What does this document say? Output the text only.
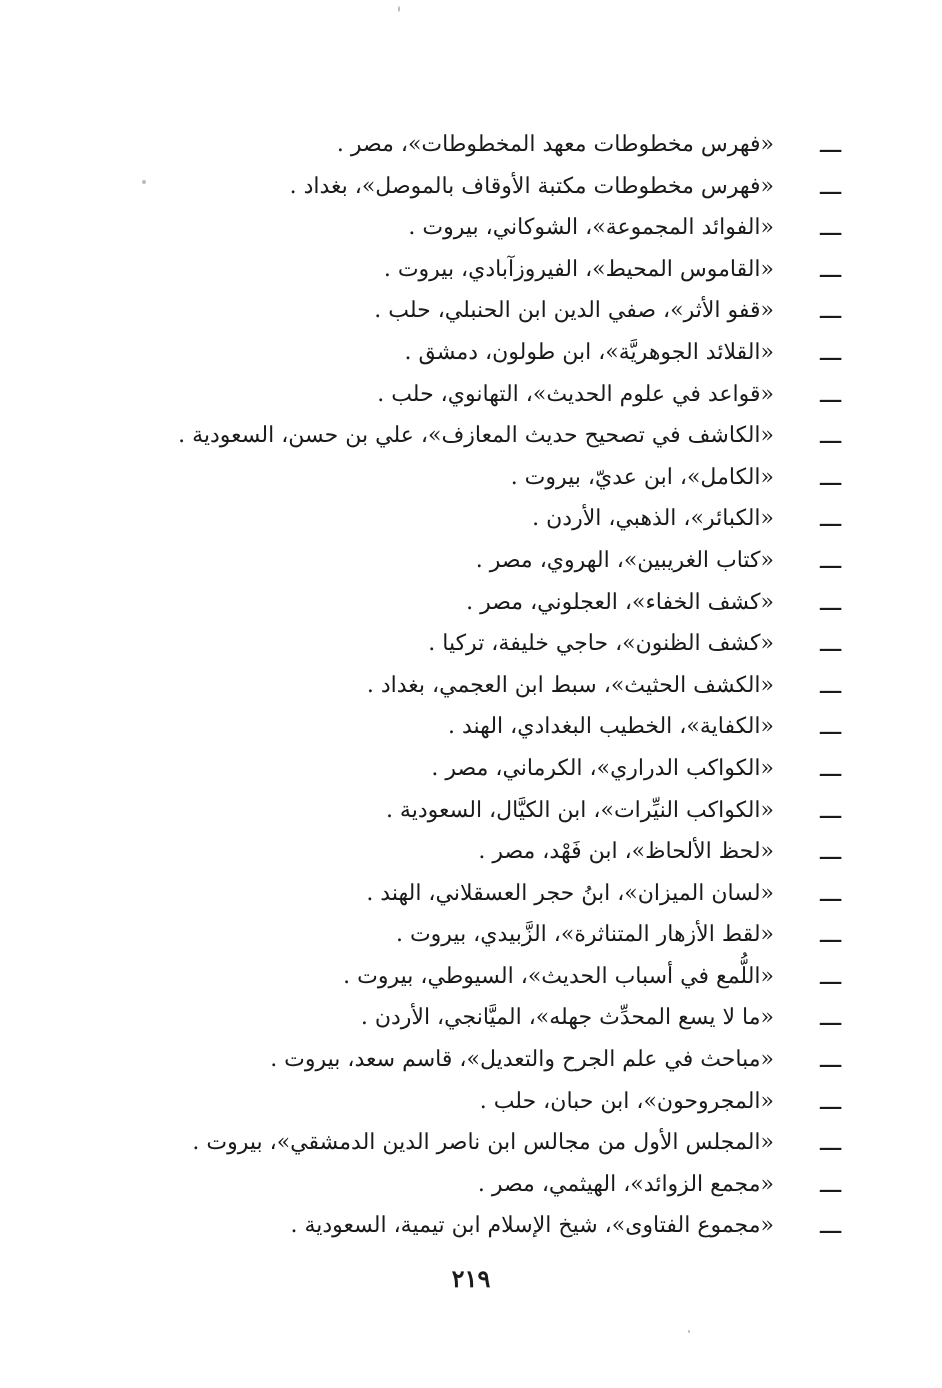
ـــ
«فهرس مخطوطات معهد المخطوطات»، مصر .
ـــ
«فهرس مخطوطات مكتبة الأوقاف بالموصل»، بغداد .
ـــ
«الفوائد المجموعة»، الشوكاني، بيروت .
ـــ
«القاموس المحيط»، الفيروزآبادي، بيروت .
ـــ
«قفو الأثر»، صفي الدين ابن الحنبلي، حلب .
ـــ
«القلائد الجوهريَّة»، ابن طولون، دمشق .
ـــ
«قواعد في علوم الحديث»، التهانوي، حلب .
ـــ
«الكاشف في تصحيح حديث المعازف»، علي بن حسن، السعودية .
ـــ
«الكامل»، ابن عديّ، بيروت .
ـــ
«الكبائر»، الذهبي، الأردن .
ـــ
«كتاب الغريبين»، الهروي، مصر .
ـــ
«كشف الخفاء»، العجلوني، مصر .
ـــ
«كشف الظنون»، حاجي خليفة، تركيا .
ـــ
«الكشف الحثيث»، سبط ابن العجمي، بغداد .
ـــ
«الكفاية»، الخطيب البغدادي، الهند .
ـــ
«الكواكب الدراري»، الكرماني، مصر .
ـــ
«الكواكب النيِّرات»، ابن الكيَّال، السعودية .
ـــ
«لحظ الألحاظ»، ابن فَهْد، مصر .
ـــ
«لسان الميزان»، ابنُ حجر العسقلاني، الهند .
ـــ
«لقط الأزهار المتناثرة»، الزَّبيدي، بيروت .
ـــ
«اللُّمع في أسباب الحديث»، السيوطي، بيروت .
ـــ
«ما لا يسع المحدِّث جهله»، الميَّانجي، الأردن .
ـــ
«مباحث في علم الجرح والتعديل»، قاسم سعد، بيروت .
ـــ
«المجروحون»، ابن حبان، حلب .
ـــ
«المجلس الأول من مجالس ابن ناصر الدين الدمشقي»، بيروت .
ـــ
«مجمع الزوائد»، الهيثمي، مصر .
ـــ
«مجموع الفتاوى»، شيخ الإسلام ابن تيمية، السعودية .
٢١٩
